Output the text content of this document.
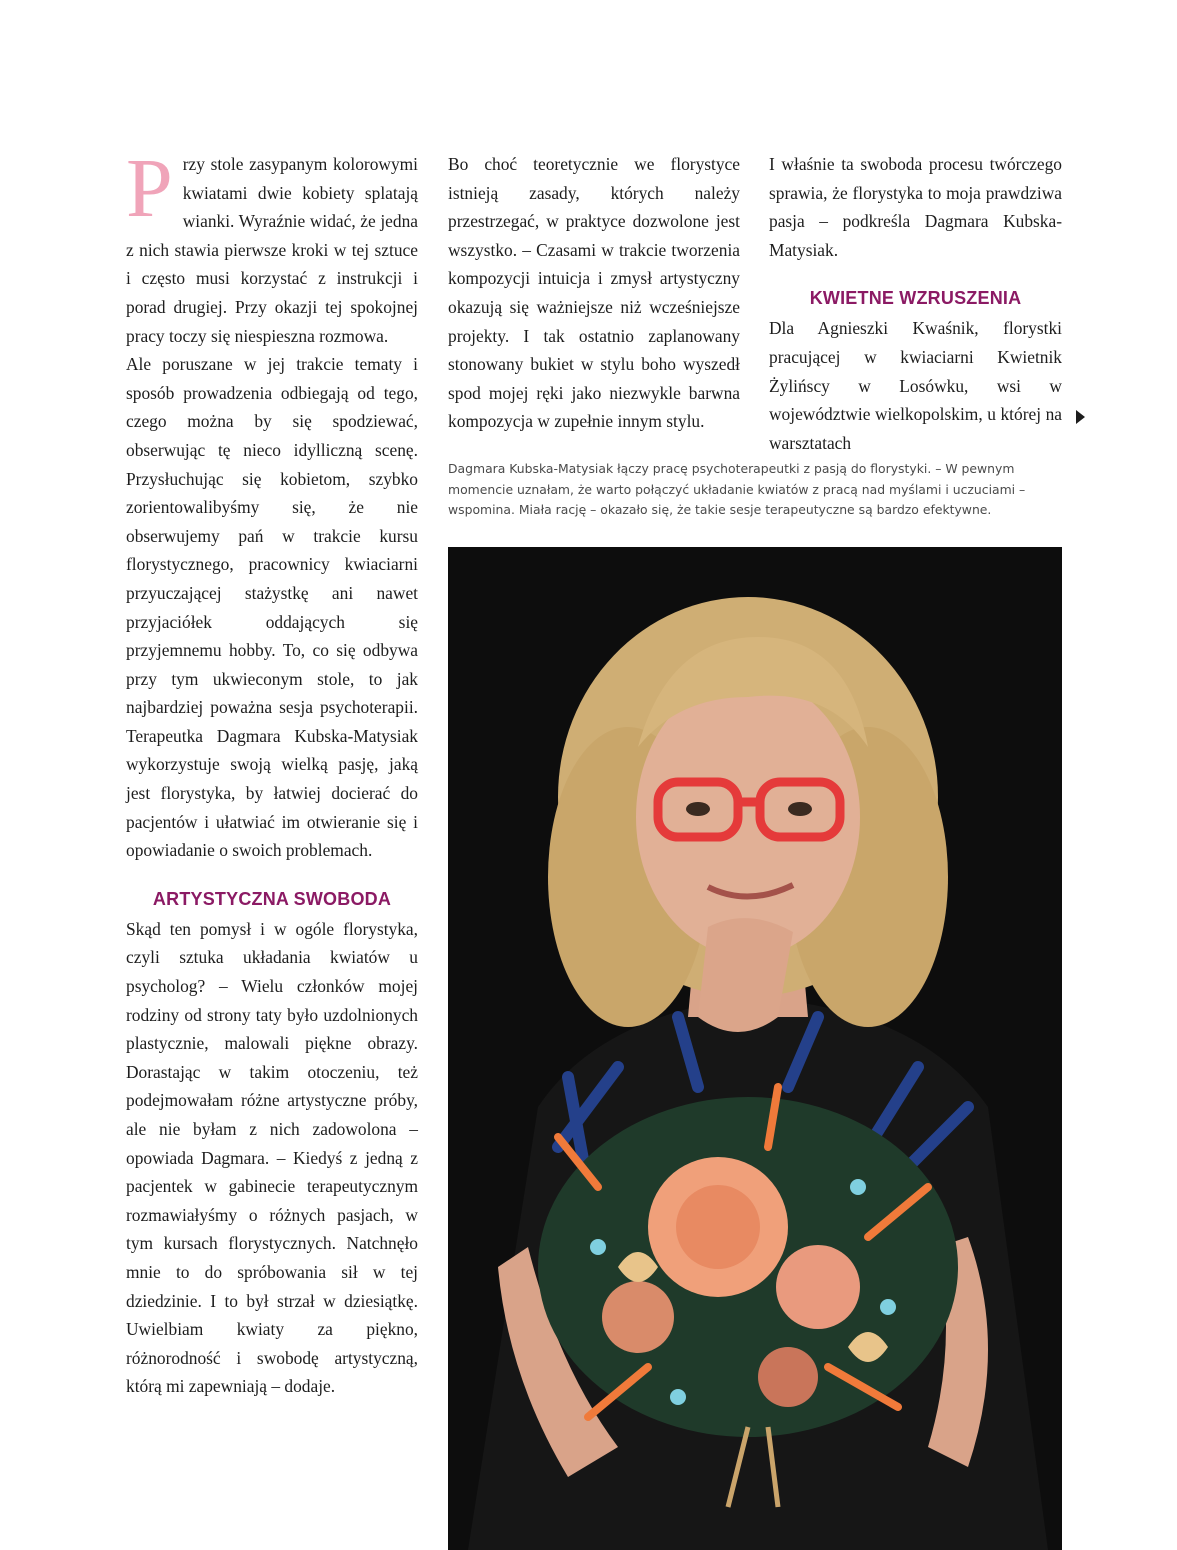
Przy stole zasypanym kolorowymi kwiatami dwie kobiety splatają wianki. Wyraźnie widać, że jedna z nich stawia pierwsze kroki w tej sztuce i często musi korzystać z instrukcji i porad drugiej. Przy okazji tej spokojnej pracy toczy się niespieszna rozmowa.

Ale poruszane w jej trakcie tematy i sposób prowadzenia odbiegają od tego, czego można by się spodziewać, obserwując tę nieco idylliczną scenę. Przysłuchując się kobietom, szybko zorientowalibyśmy się, że nie obserwujemy pań w trakcie kursu florystycznego, pracownicy kwiaciarni przyuczającej stażystkę ani nawet przyjaciółek oddających się przyjemnemu hobby. To, co się odbywa przy tym ukwieconym stole, to jak najbardziej poważna sesja psychoterapii. Terapeutka Dagmara Kubska-Matysiak wykorzystuje swoją wielką pasję, jaką jest florystyka, by łatwiej docierać do pacjentów i ułatwiać im otwieranie się i opowiadanie o swoich problemach.

ARTYSTYCZNA SWOBODA

Skąd ten pomysł i w ogóle florystyka, czyli sztuka układania kwiatów u psycholog? – Wielu członków mojej rodziny od strony taty było uzdolnionych plastycznie, malowali piękne obrazy. Dorastając w takim otoczeniu, też podejmowałam różne artystyczne próby, ale nie byłam z nich zadowolona – opowiada Dagmara. – Kiedyś z jedną z pacjentek w gabinecie terapeutycznym rozmawiałyśmy o różnych pasjach, w tym kursach florystycznych. Natchnęło mnie to do spróbowania sił w tej dziedzinie. I to był strzał w dziesiątkę. Uwielbiam kwiaty za piękno, różnorodność i swobodę artystyczną, którą mi zapewniają – dodaje.

Bo choć teoretycznie we florystyce istnieją zasady, których należy przestrzegać, w praktyce dozwolone jest wszystko. – Czasami w trakcie tworzenia kompozycji intuicja i zmysł artystyczny okazują się ważniejsze niż wcześniejsze projekty. I tak ostatnio zaplanowany stonowany bukiet w stylu boho wyszedł spod mojej ręki jako niezwykle barwna kompozycja w zupełnie innym stylu.

I właśnie ta swoboda procesu twórczego sprawia, że florystyka to moja prawdziwa pasja – podkreśla Dagmara Kubska-Matysiak.

KWIETNE WZRUSZENIA

Dla Agnieszki Kwaśnik, florystki pracującej w kwiaciarni Kwietnik Żylińscy w Losówku, wsi w województwie wielkopolskim, u której na warsztatach

Dagmara Kubska-Matysiak łączy pracę psychoterapeutki z pasją do florystyki. – W pewnym momencie uznałam, że warto połączyć układanie kwiatów z pracą nad myślami i uczuciami – wspomina. Miała rację – okazało się, że takie sesje terapeutyczne są bardzo efektywne.
